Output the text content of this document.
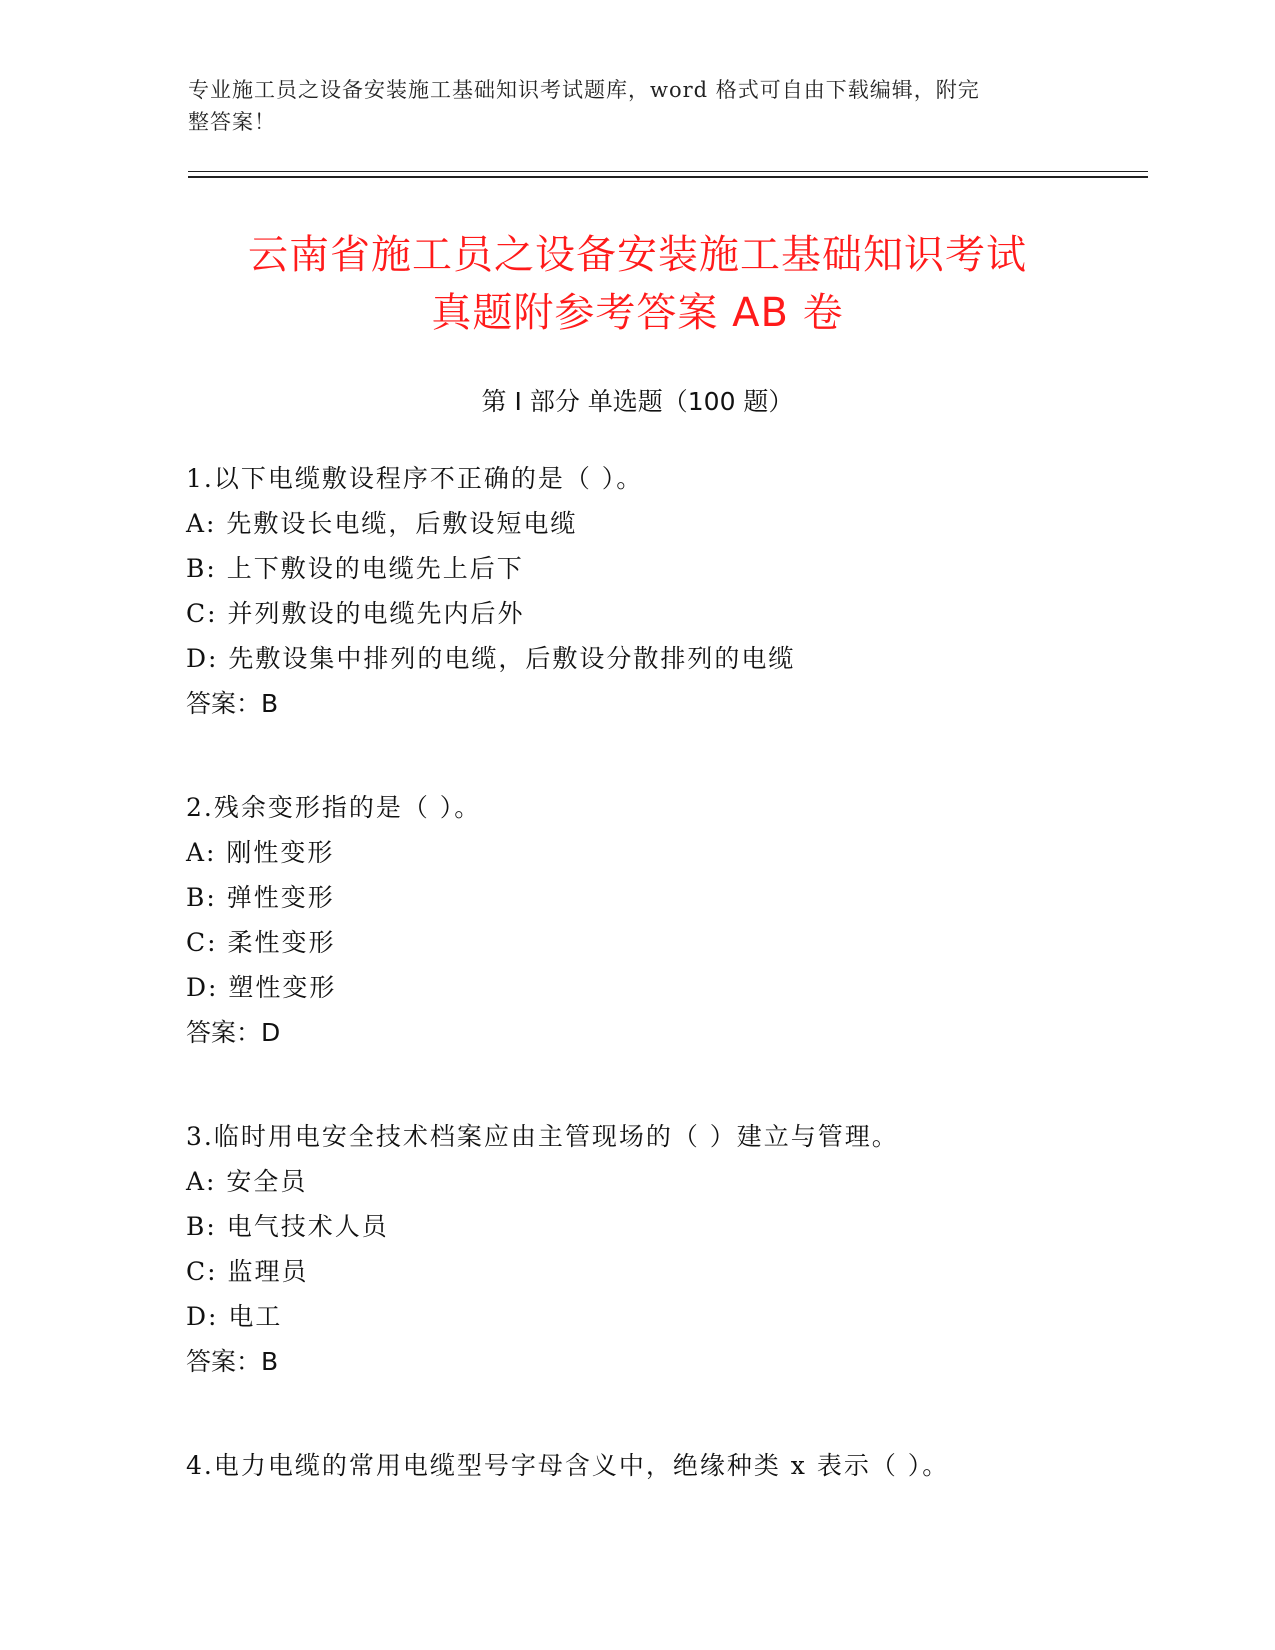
专业施工员之设备安装施工基础知识考试题库，word 格式可自由下载编辑，附完
整答案！
云南省施工员之设备安装施工基础知识考试
真题附参考答案 AB 卷
第 I 部分 单选题（100 题）
1.以下电缆敷设程序不正确的是（ ）。
A: 先敷设长电缆，后敷设短电缆
B: 上下敷设的电缆先上后下
C: 并列敷设的电缆先内后外
D: 先敷设集中排列的电缆，后敷设分散排列的电缆
答案：B
2.残余变形指的是（ ）。
A: 刚性变形
B: 弹性变形
C: 柔性变形
D: 塑性变形
答案：D
3.临时用电安全技术档案应由主管现场的（ ）建立与管理。
A: 安全员
B: 电气技术人员
C: 监理员
D: 电工
答案：B
4.电力电缆的常用电缆型号字母含义中，绝缘种类 x 表示（ ）。
